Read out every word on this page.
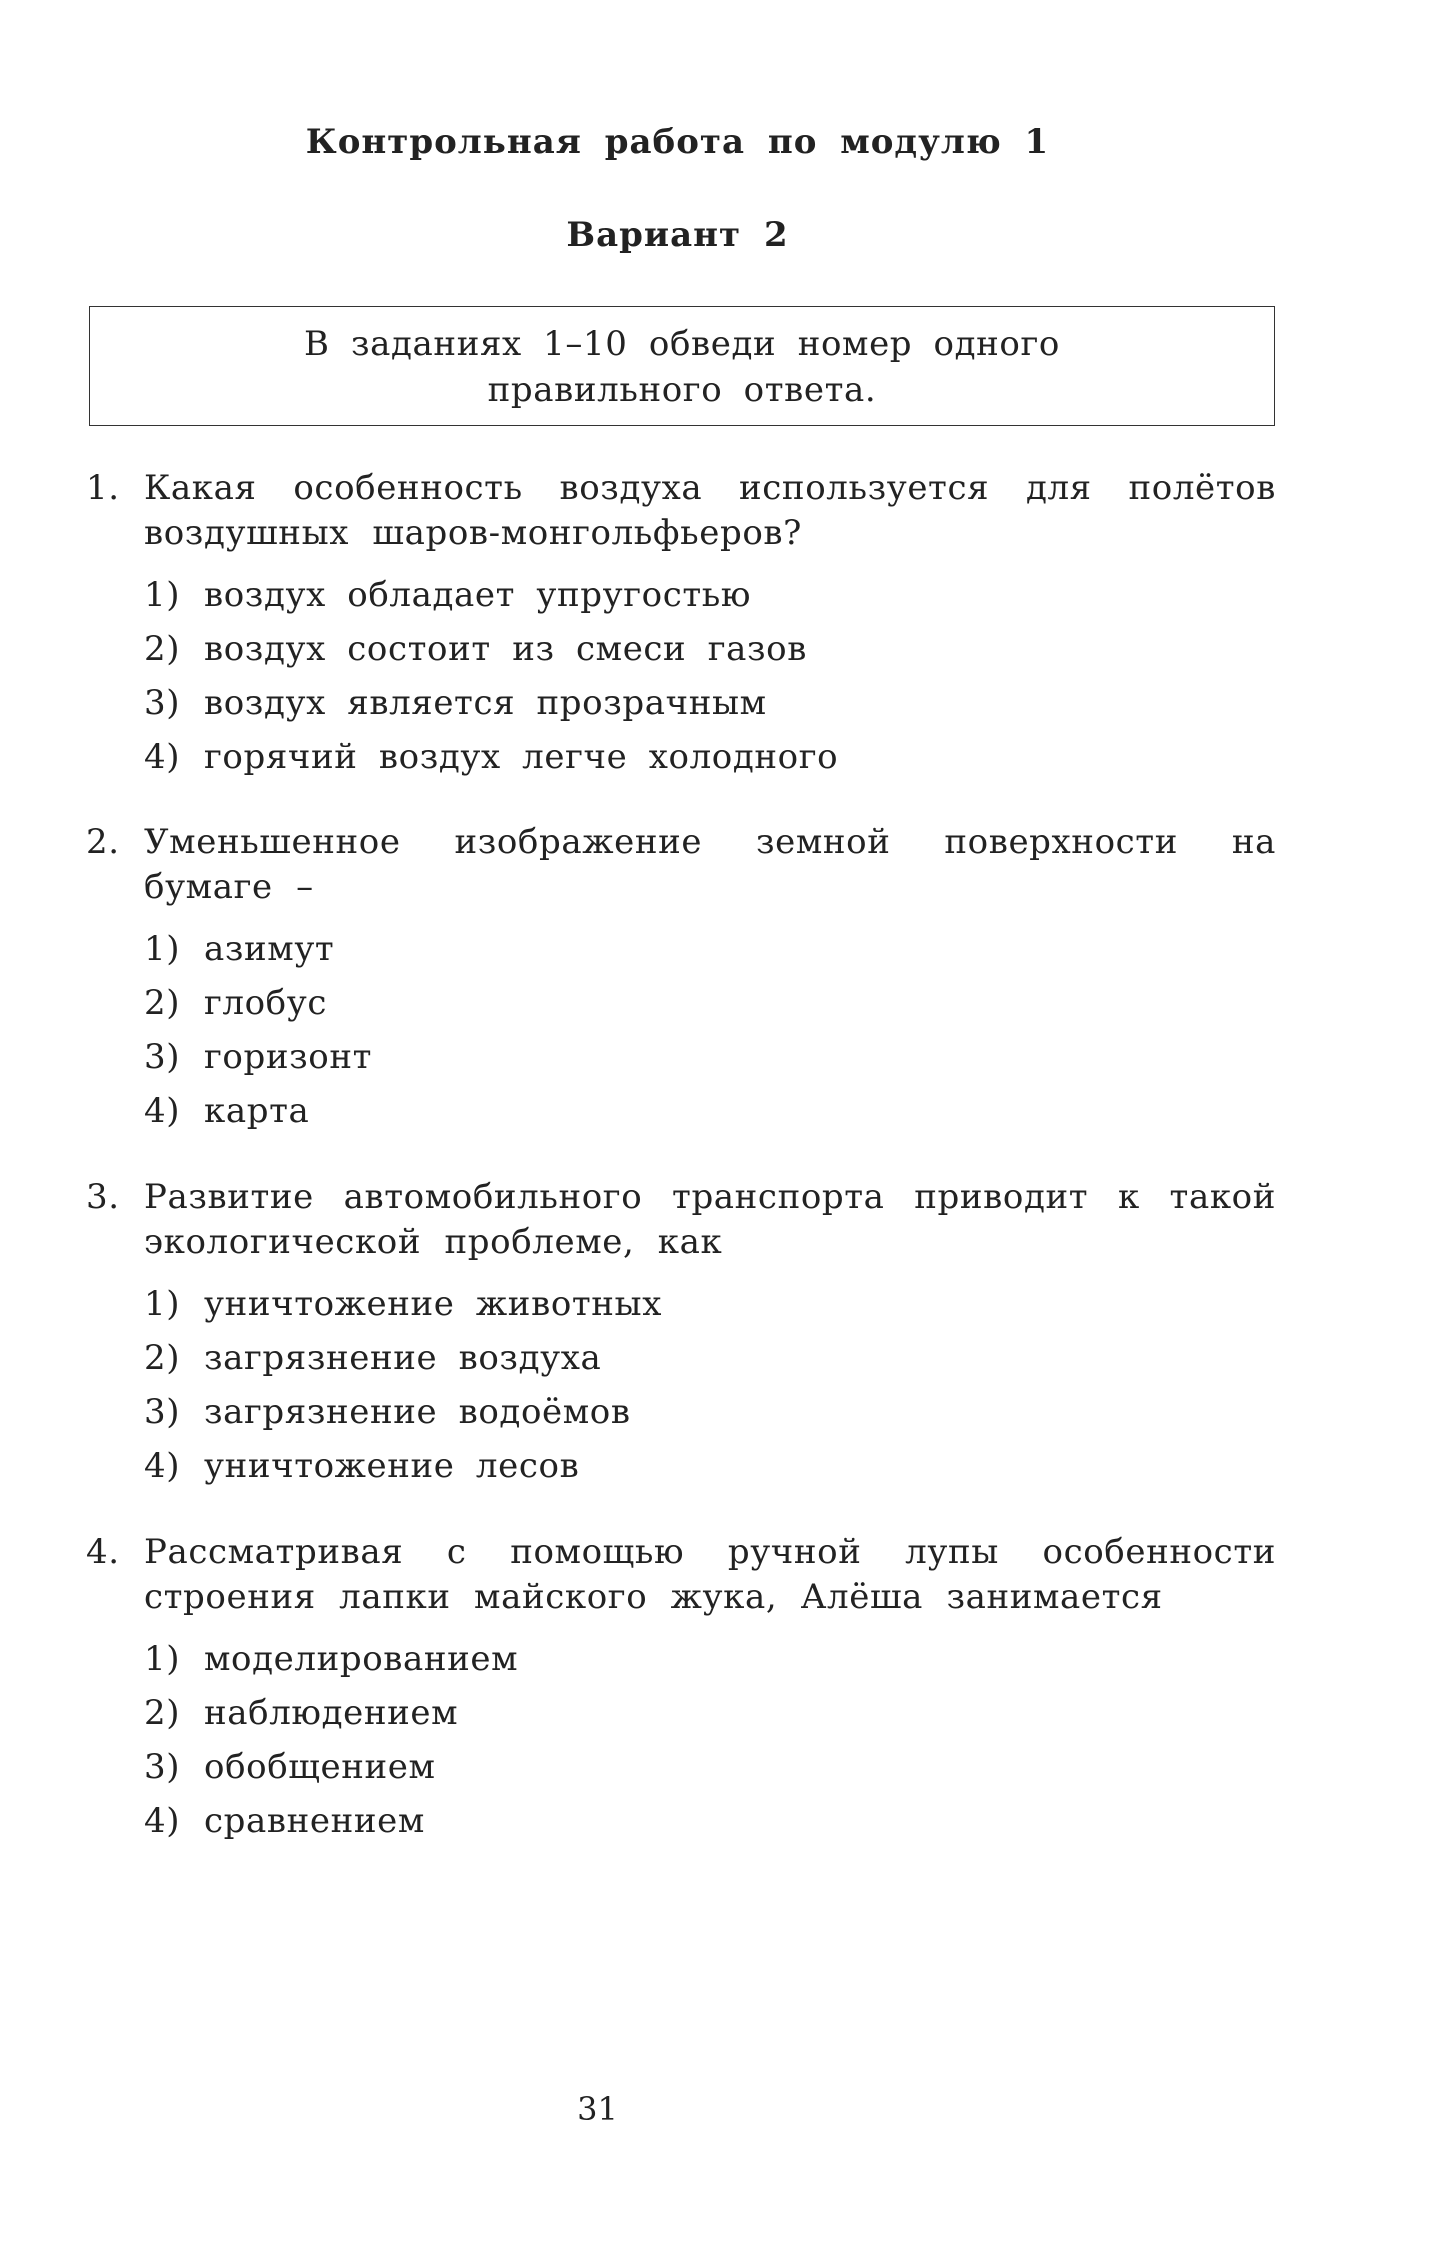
Контрольная работа по модулю 1
Вариант 2
В заданиях 1–10 обведи номер одного
правильного ответа.
1. Какая особенность воздуха используется для полётов воздушных шаров-монгольфьеров?
1) воздух обладает упругостью
2) воздух состоит из смеси газов
3) воздух является прозрачным
4) горячий воздух легче холодного
2. Уменьшенное изображение земной поверхности на бумаге –
1) азимут
2) глобус
3) горизонт
4) карта
3. Развитие автомобильного транспорта приводит к такой экологической проблеме, как
1) уничтожение животных
2) загрязнение воздуха
3) загрязнение водоёмов
4) уничтожение лесов
4. Рассматривая с помощью ручной лупы особенности строения лапки майского жука, Алёша занимается
1) моделированием
2) наблюдением
3) обобщением
4) сравнением
31
